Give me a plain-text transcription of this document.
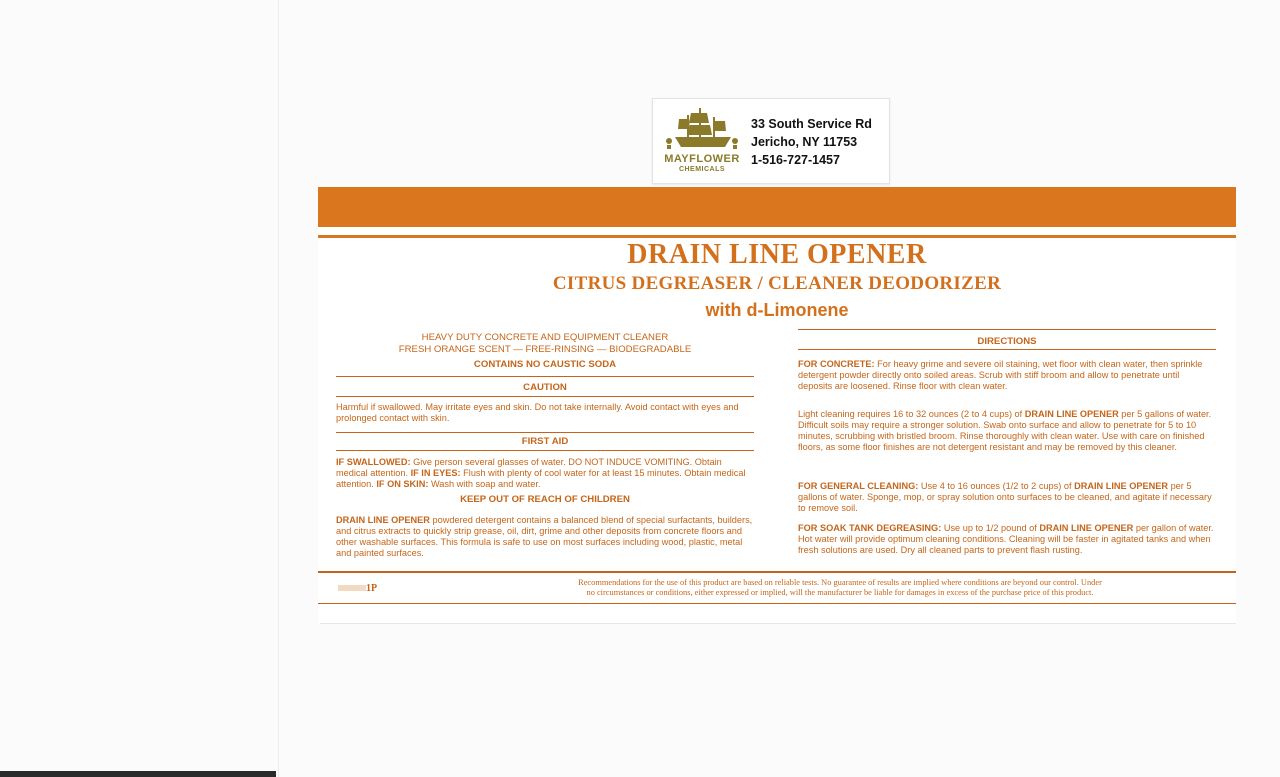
MAYFLOWER
CHEMICALS
33 South Service Rd
Jericho, NY 11753
1-516-727-1457
DRAIN LINE OPENER
CITRUS DEGREASER / CLEANER DEODORIZER
with d-Limonene
HEAVY DUTY CONCRETE AND EQUIPMENT CLEANER
FRESH ORANGE SCENT — FREE-RINSING — BIODEGRADABLE
CONTAINS NO CAUSTIC SODA
CAUTION
Harmful if swallowed. May irritate eyes and skin. Do not take internally. Avoid contact with eyes and prolonged contact with skin.
FIRST AID
IF SWALLOWED: Give person several glasses of water. DO NOT INDUCE VOMITING. Obtain medical attention. IF IN EYES: Flush with plenty of cool water for at least 15 minutes. Obtain medical attention. IF ON SKIN: Wash with soap and water.
KEEP OUT OF REACH OF CHILDREN
DRAIN LINE OPENER powdered detergent contains a balanced blend of special surfactants, builders, and citrus extracts to quickly strip grease, oil, dirt, grime and other deposits from concrete floors and other washable surfaces. This formula is safe to use on most surfaces including wood, plastic, metal and painted surfaces.
DIRECTIONS
FOR CONCRETE: For heavy grime and severe oil staining, wet floor with clean water, then sprinkle detergent powder directly onto soiled areas. Scrub with stiff broom and allow to penetrate until deposits are loosened. Rinse floor with clean water.
Light cleaning requires 16 to 32 ounces (2 to 4 cups) of DRAIN LINE OPENER per 5 gallons of water. Difficult soils may require a stronger solution. Swab onto surface and allow to penetrate for 5 to 10 minutes, scrubbing with bristled broom. Rinse thoroughly with clean water. Use with care on finished floors, as some floor finishes are not detergent resistant and may be removed by this cleaner.
FOR GENERAL CLEANING: Use 4 to 16 ounces (1/2 to 2 cups) of DRAIN LINE OPENER per 5 gallons of water. Sponge, mop, or spray solution onto surfaces to be cleaned, and agitate if necessary to remove soil.
FOR SOAK TANK DEGREASING: Use up to 1/2 pound of DRAIN LINE OPENER per gallon of water. Hot water will provide optimum cleaning conditions. Cleaning will be faster in agitated tanks and when fresh solutions are used. Dry all cleaned parts to prevent flash rusting.
1P
Recommendations for the use of this product are based on reliable tests. No guarantee of results are implied where conditions are beyond our control. Under
no circumstances or conditions, either expressed or implied, will the manufacturer be liable for damages in excess of the purchase price of this product.
